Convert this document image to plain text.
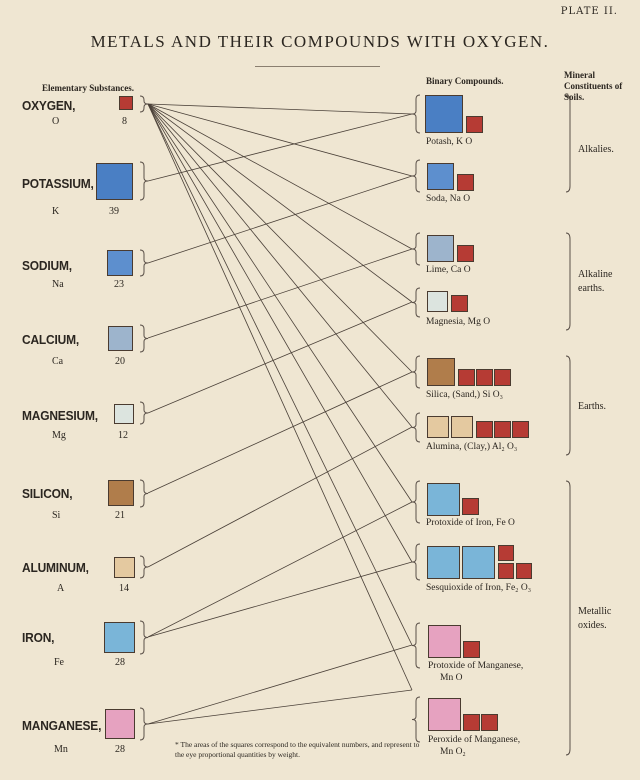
PLATE II.
METALS AND THEIR COMPOUNDS WITH OXYGEN.
Elementary Substances.
Binary Compounds.
Mineral Constituents of Soils.
OXYGEN,
O	8
POTASSIUM,
K	39
SODIUM,
Na	23
CALCIUM,
Ca	20
MAGNESIUM,
Mg	12
SILICON,
Si	21
ALUMINUM,
A	14
IRON,
Fe	28
MANGANESE,
Mn	28
Potash, K O
Soda, Na O
Lime, Ca O
Magnesia, Mg O
Silica, (Sand,) Si O₃
Alumina, (Clay,) Al₂ O₃
Protoxide of Iron, Fe O
Sesquioxide of Iron, Fe₂ O₃
Protoxide of Manganese,
Mn O
Peroxide of Manganese,
Mn O₂
Alkalies.
Alkaline earths.
Earths.
Metallic oxides.
* The areas of the squares correspond to the equivalent numbers, and represent to the eye proportional quantities by weight.
